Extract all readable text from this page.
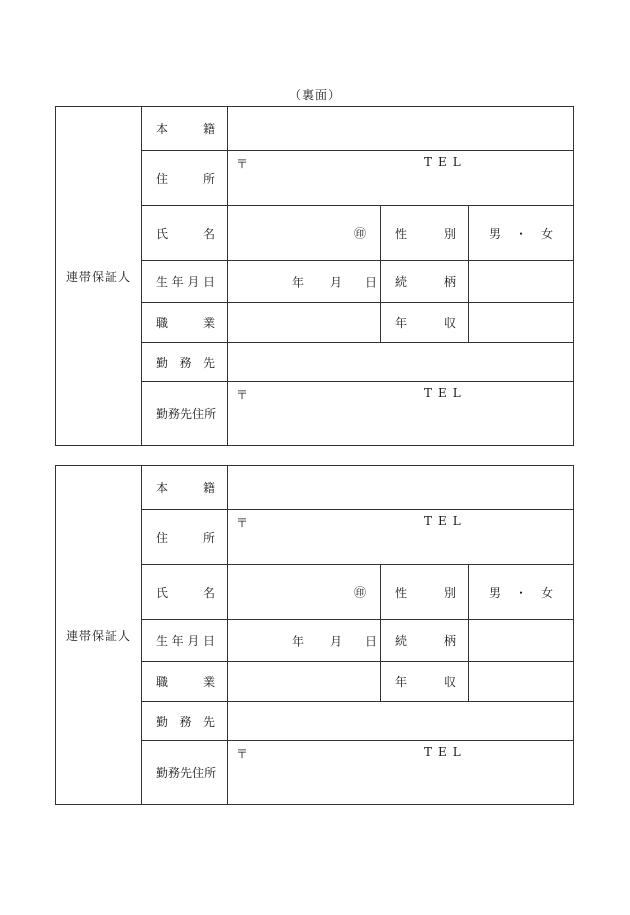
（裏面）
連帯保証人	本 籍			

	住 所	〒 TEL		

	氏 名	㊞	性 別	男 ・ 女

	生 年 月 日	年 月 日	続 柄	

	職 業		年 収	

	勤 務 先			

	勤 務 先 住 所	〒 TEL		
連帯保証人	本 籍			

	住 所	〒 TEL		

	氏 名	㊞	性 別	男 ・ 女

	生 年 月 日	年 月 日	続 柄	

	職 業		年 収	

	勤 務 先			

	勤 務 先 住 所	〒 TEL		
